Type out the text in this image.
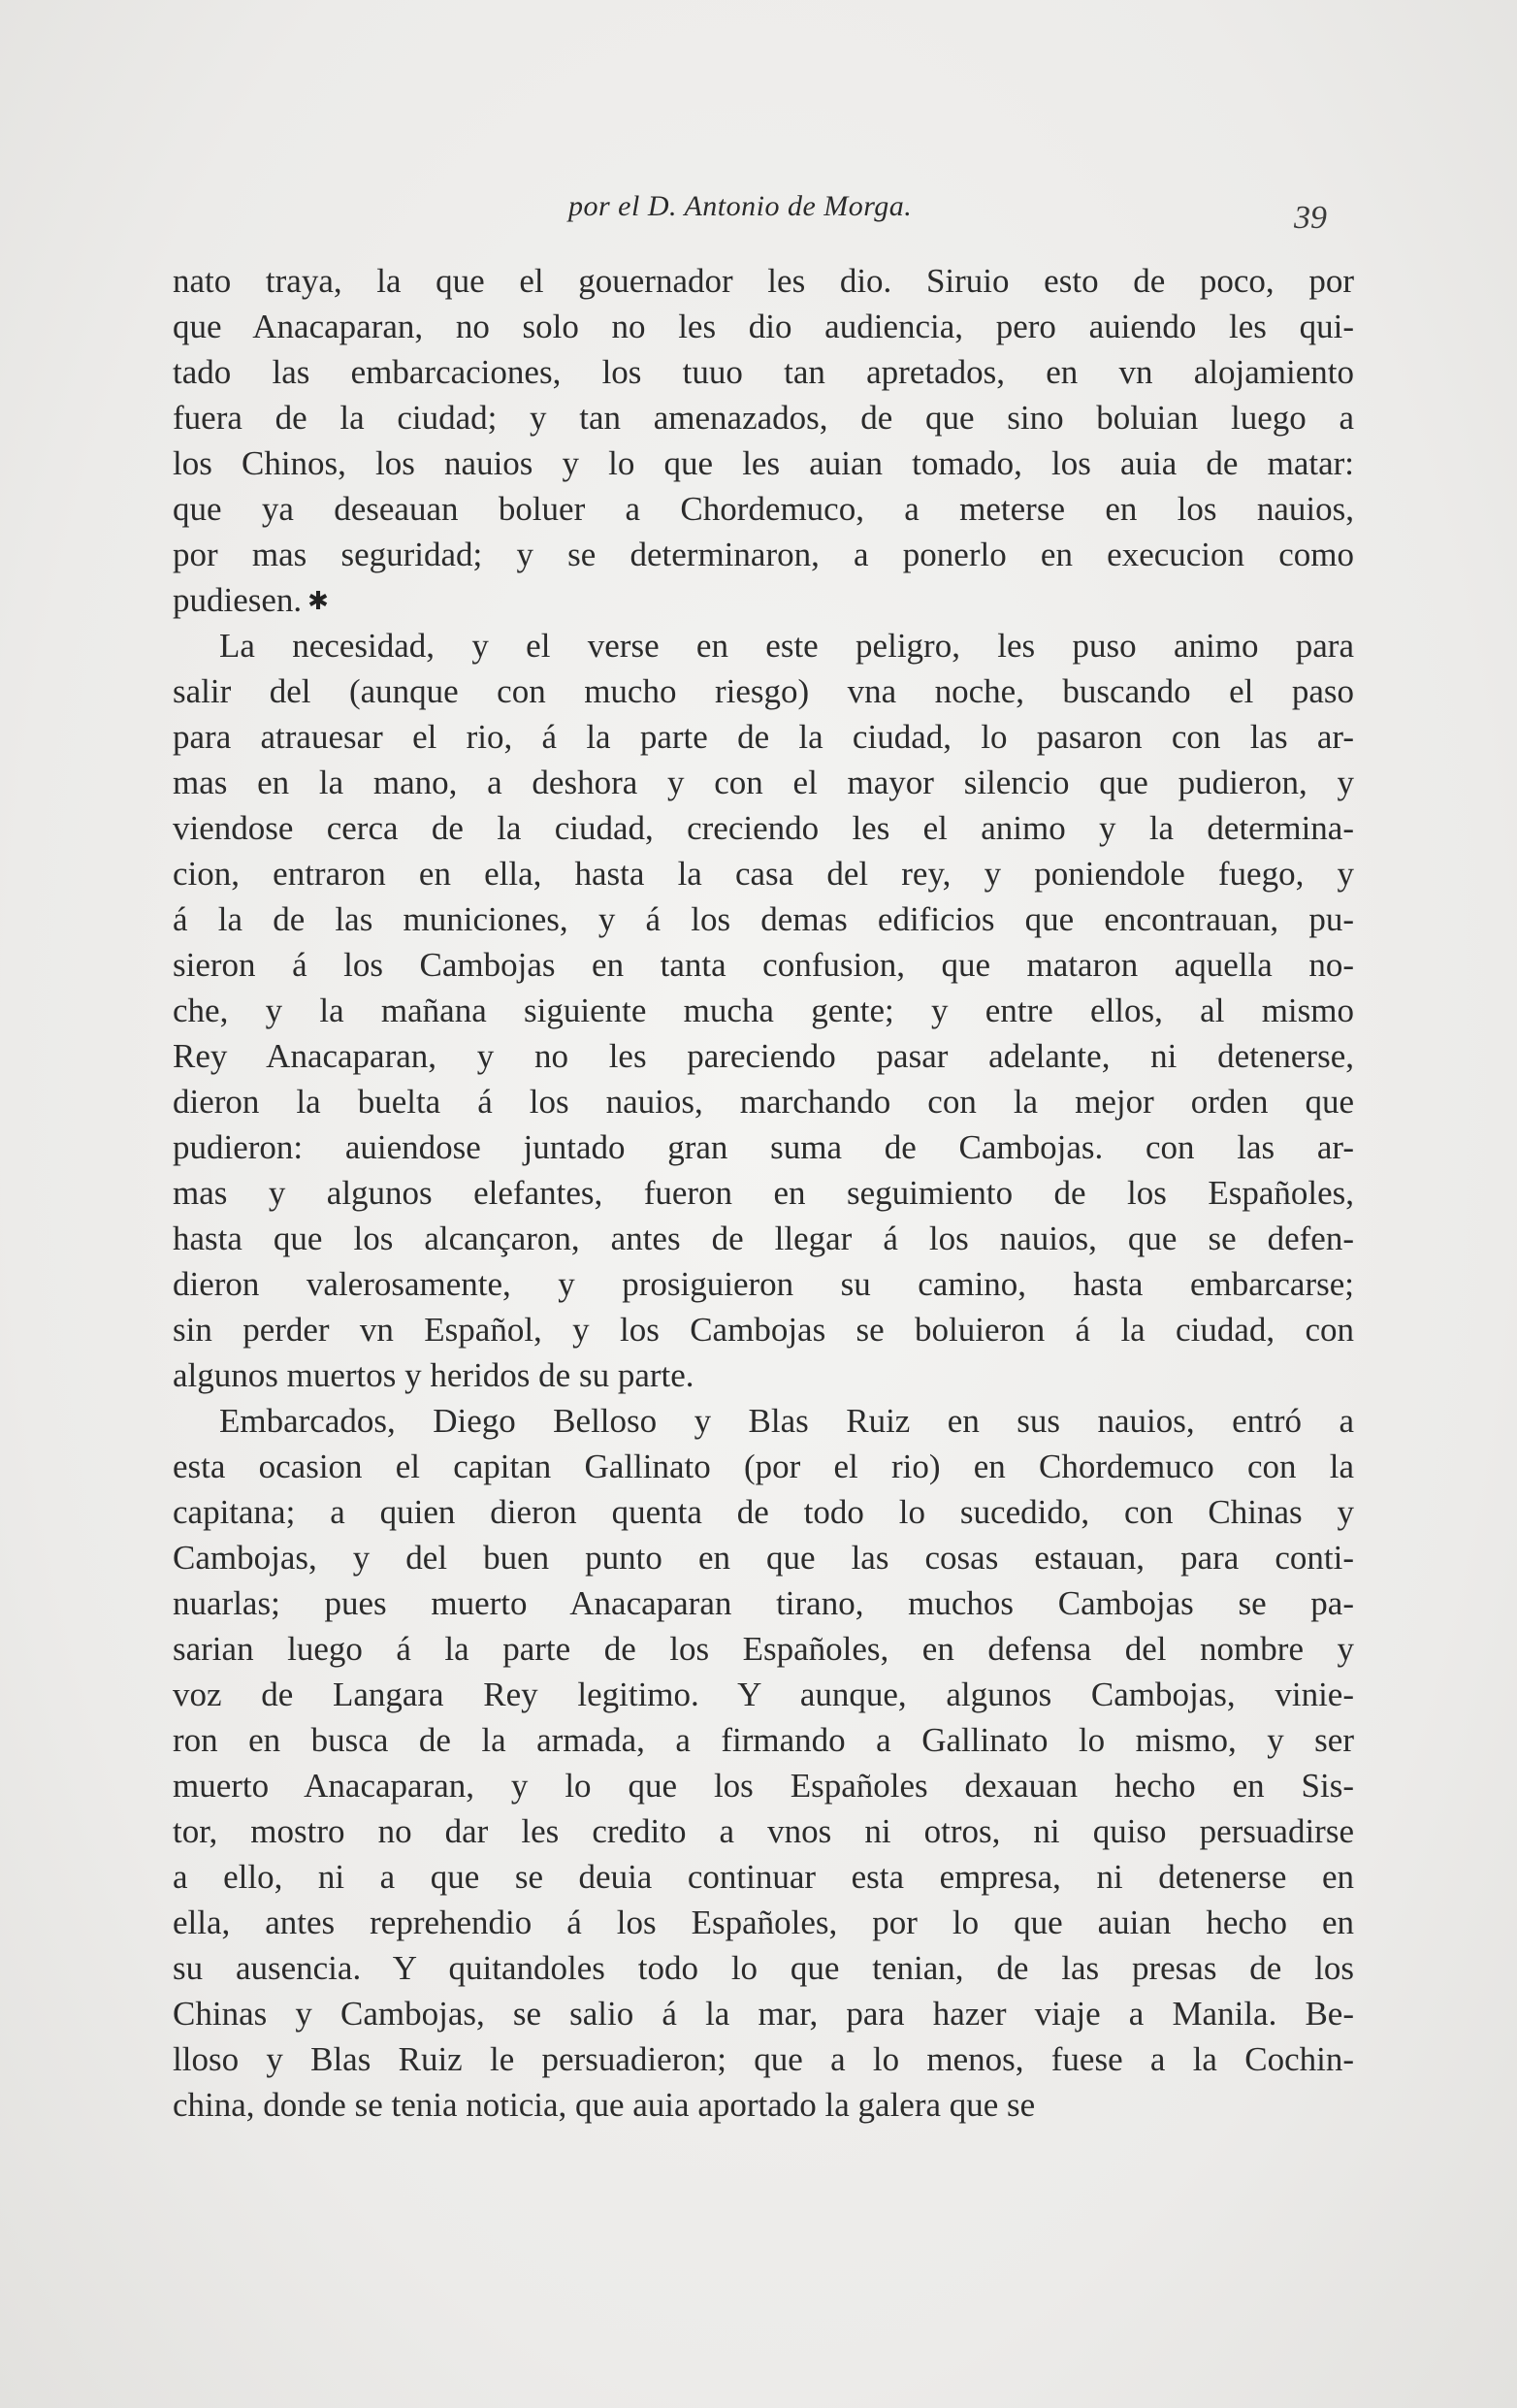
por el D. Antonio de Morga.	39
nato traya, la que el gouernador les dio. Siruio esto de poco, por
que Anacaparan, no solo no les dio audiencia, pero auiendo les qui-
tado las embarcaciones, los tuuo tan apretados, en vn alojamiento
fuera de la ciudad; y tan amenazados, de que sino boluian luego a
los Chinos, los nauios y lo que les auian tomado, los auia de matar:
que ya deseauan boluer a Chordemuco, a meterse en los nauios,
por mas seguridad; y se determinaron, a ponerlo en execucion como
pudiesen. ✱
La necesidad, y el verse en este peligro, les puso animo para
salir del (aunque con mucho riesgo) vna noche, buscando el paso
para atrauesar el rio, á la parte de la ciudad, lo pasaron con las ar-
mas en la mano, a deshora y con el mayor silencio que pudieron, y
viendose cerca de la ciudad, creciendo les el animo y la determina-
cion, entraron en ella, hasta la casa del rey, y poniendole fuego, y
á la de las municiones, y á los demas edificios que encontrauan, pu-
sieron á los Cambojas en tanta confusion, que mataron aquella no-
che, y la mañana siguiente mucha gente; y entre ellos, al mismo
Rey Anacaparan, y no les pareciendo pasar adelante, ni detenerse,
dieron la buelta á los nauios, marchando con la mejor orden que
pudieron: auiendose juntado gran suma de Cambojas. con las ar-
mas y algunos elefantes, fueron en seguimiento de los Españoles,
hasta que los alcançaron, antes de llegar á los nauios, que se defen-
dieron valerosamente, y prosiguieron su camino, hasta embarcarse;
sin perder vn Español, y los Cambojas se boluieron á la ciudad, con
algunos muertos y heridos de su parte.
Embarcados, Diego Belloso y Blas Ruiz en sus nauios, entró a
esta ocasion el capitan Gallinato (por el rio) en Chordemuco con la
capitana; a quien dieron quenta de todo lo sucedido, con Chinas y
Cambojas, y del buen punto en que las cosas estauan, para conti-
nuarlas; pues muerto Anacaparan tirano, muchos Cambojas se pa-
sarian luego á la parte de los Españoles, en defensa del nombre y
voz de Langara Rey legitimo. Y aunque, algunos Cambojas, vinie-
ron en busca de la armada, a firmando a Gallinato lo mismo, y ser
muerto Anacaparan, y lo que los Españoles dexauan hecho en Sis-
tor, mostro no dar les credito a vnos ni otros, ni quiso persuadirse
a ello, ni a que se deuia continuar esta empresa, ni detenerse en
ella, antes reprehendio á los Españoles, por lo que auian hecho en
su ausencia. Y quitandoles todo lo que tenian, de las presas de los
Chinas y Cambojas, se salio á la mar, para hazer viaje a Manila. Be-
lloso y Blas Ruiz le persuadieron; que a lo menos, fuese a la Cochin-
china, donde se tenia noticia, que auia aportado la galera que se
